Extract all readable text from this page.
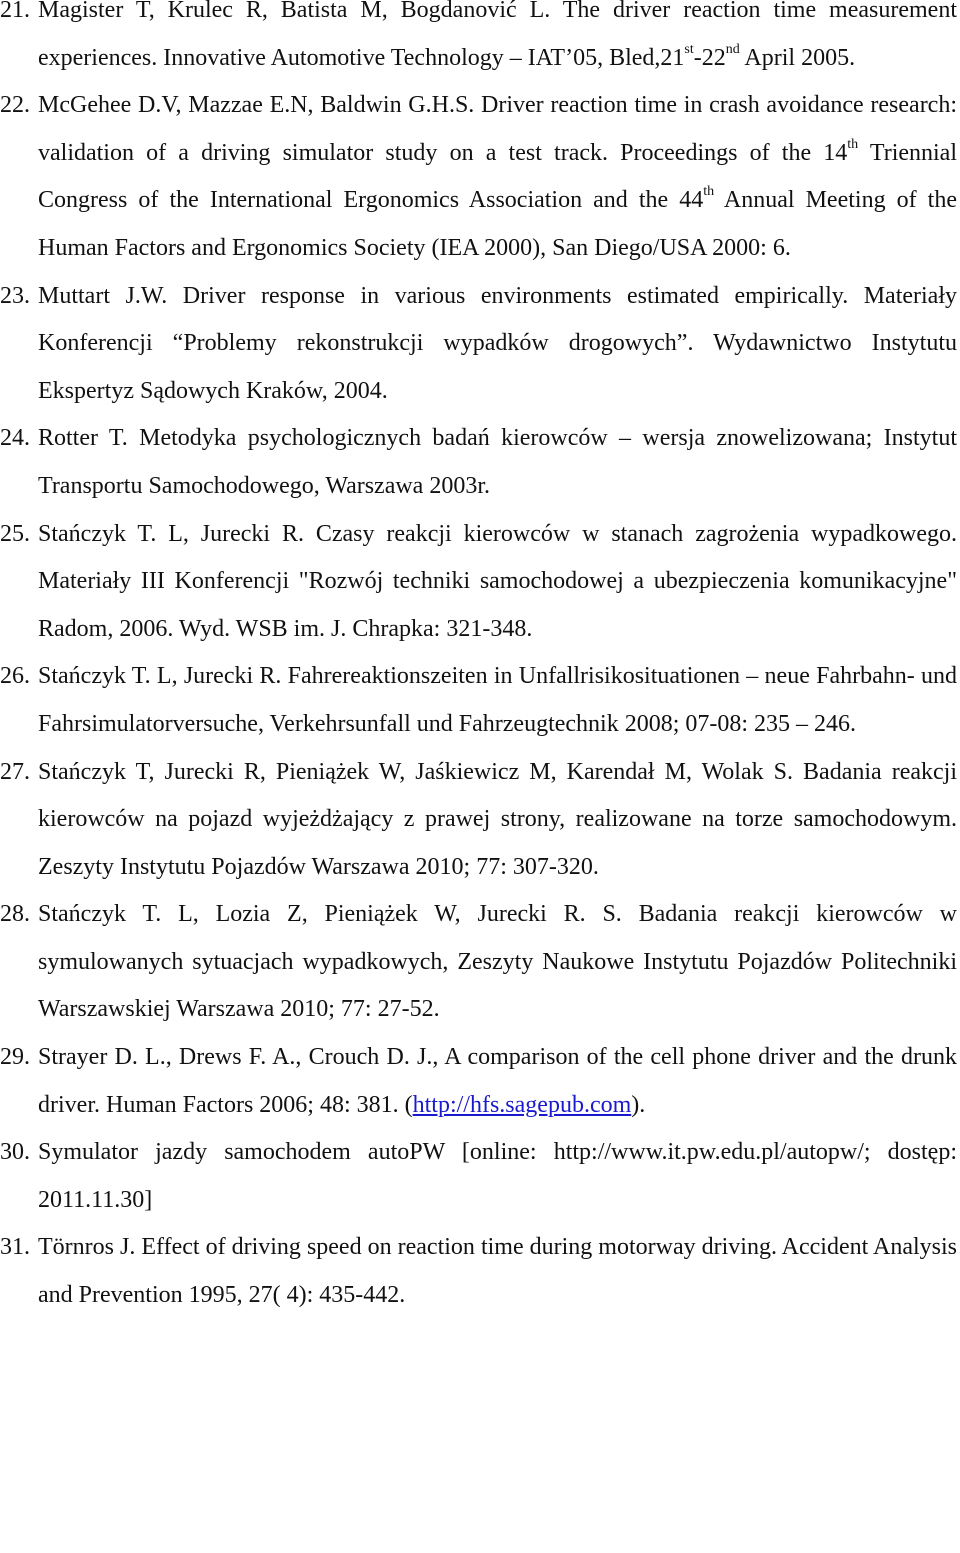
21. Magister T, Krulec R, Batista M, Bogdanović L. The driver reaction time measurement experiences. Innovative Automotive Technology – IAT’05, Bled,21st-22nd April 2005.
22. McGehee D.V, Mazzae E.N, Baldwin G.H.S. Driver reaction time in crash avoidance research: validation of a driving simulator study on a test track. Proceedings of the 14th Triennial Congress of the International Ergonomics Association and the 44th Annual Meeting of the Human Factors and Ergonomics Society (IEA 2000), San Diego/USA 2000: 6.
23. Muttart J.W. Driver response in various environments estimated empirically. Materiały Konferencji “Problemy rekonstrukcji wypadków drogowych”. Wydawnictwo Instytutu Ekspertyz Sądowych Kraków, 2004.
24. Rotter T. Metodyka psychologicznych badań kierowców – wersja znowelizowana; Instytut Transportu Samochodowego, Warszawa 2003r.
25. Stańczyk T. L, Jurecki R. Czasy reakcji kierowców w stanach zagrożenia wypadkowego. Materiały III Konferencji "Rozwój techniki samochodowej a ubezpieczenia komunikacyjne" Radom, 2006. Wyd. WSB im. J. Chrapka: 321-348.
26. Stańczyk T. L, Jurecki R. Fahrereaktionszeiten in Unfallrisikosituationen – neue Fahrbahn- und Fahrsimulatorversuche, Verkehrsunfall und Fahrzeugtechnik 2008; 07-08: 235 – 246.
27. Stańczyk T, Jurecki R, Pieniążek W, Jaśkiewicz M, Karendał M, Wolak S. Badania reakcji kierowców na pojazd wyjeżdżający z prawej strony, realizowane na torze samochodowym. Zeszyty Instytutu Pojazdów Warszawa 2010; 77: 307-320.
28. Stańczyk T. L, Lozia Z, Pieniążek W, Jurecki R. S. Badania reakcji kierowców w symulowanych sytuacjach wypadkowych, Zeszyty Naukowe Instytutu Pojazdów Politechniki Warszawskiej Warszawa 2010; 77: 27-52.
29. Strayer D. L., Drews F. A., Crouch D. J., A comparison of the cell phone driver and the drunk driver. Human Factors 2006; 48: 381. (http://hfs.sagepub.com).
30. Symulator jazdy samochodem autoPW [online: http://www.it.pw.edu.pl/autopw/; dostęp: 2011.11.30]
31. Törnros J. Effect of driving speed on reaction time during motorway driving. Accident Analysis and Prevention 1995, 27( 4): 435-442.
